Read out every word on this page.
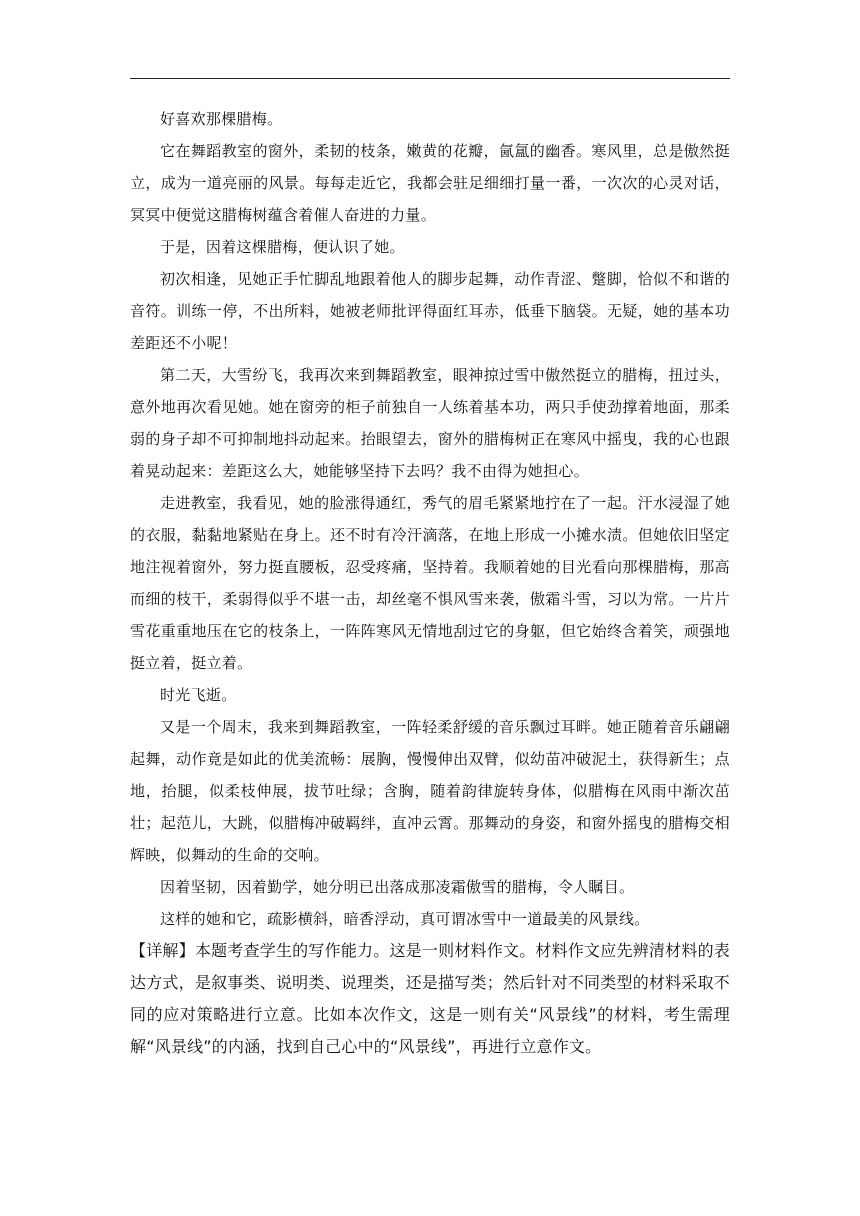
好喜欢那棵腊梅。

它在舞蹈教室的窗外，柔韧的枝条，嫩黄的花瓣，氤氲的幽香。寒风里，总是傲然挺立，成为一道亮丽的风景。每每走近它，我都会驻足细细打量一番，一次次的心灵对话，冥冥中便觉这腊梅树蕴含着催人奋进的力量。

于是，因着这棵腊梅，便认识了她。

初次相逢，见她正手忙脚乱地跟着他人的脚步起舞，动作青涩、蹩脚，恰似不和谐的音符。训练一停，不出所料，她被老师批评得面红耳赤，低垂下脑袋。无疑，她的基本功差距还不小呢！

第二天，大雪纷飞，我再次来到舞蹈教室，眼神掠过雪中傲然挺立的腊梅，扭过头，意外地再次看见她。她在窗旁的柜子前独自一人练着基本功，两只手使劲撑着地面，那柔弱的身子却不可抑制地抖动起来。抬眼望去，窗外的腊梅树正在寒风中摇曳，我的心也跟着晃动起来：差距这么大，她能够坚持下去吗？我不由得为她担心。

走进教室，我看见，她的脸涨得通红，秀气的眉毛紧紧地拧在了一起。汗水浸湿了她的衣服，黏黏地紧贴在身上。还不时有冷汗滴落，在地上形成一小摊水渍。但她依旧坚定地注视着窗外，努力挺直腰板，忍受疼痛，坚持着。我顺着她的目光看向那棵腊梅，那高而细的枝干，柔弱得似乎不堪一击，却丝毫不惧风雪来袭，傲霜斗雪，习以为常。一片片雪花重重地压在它的枝条上，一阵阵寒风无情地刮过它的身躯，但它始终含着笑，顽强地挺立着，挺立着。

时光飞逝。

又是一个周末，我来到舞蹈教室，一阵轻柔舒缓的音乐飘过耳畔。她正随着音乐翩翩起舞，动作竟是如此的优美流畅：展胸，慢慢伸出双臂，似幼苗冲破泥土，获得新生；点地，抬腿，似柔枝伸展，拔节吐绿；含胸，随着韵律旋转身体，似腊梅在风雨中渐次茁壮；起范儿，大跳，似腊梅冲破羁绊，直冲云霄。那舞动的身姿，和窗外摇曳的腊梅交相辉映，似舞动的生命的交响。

因着坚韧，因着勤学，她分明已出落成那凌霜傲雪的腊梅，令人瞩目。

这样的她和它，疏影横斜，暗香浮动，真可谓冰雪中一道最美的风景线。

【详解】本题考查学生的写作能力。这是一则材料作文。材料作文应先辨清材料的表达方式，是叙事类、说明类、说理类，还是描写类；然后针对不同类型的材料采取不同的应对策略进行立意。比如本次作文，这是一则有关“风景线”的材料，考生需理解“风景线”的内涵，找到自己心中的“风景线”，再进行立意作文。
